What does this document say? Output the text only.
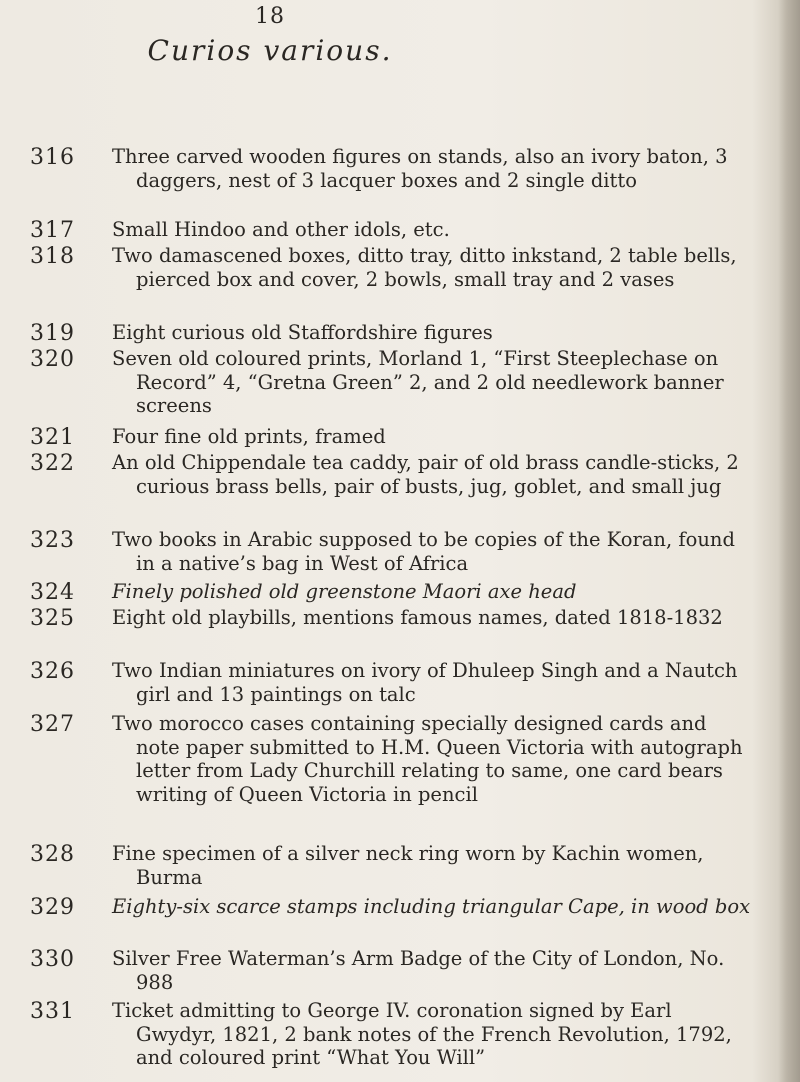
18
Curios various.
316	Three carved wooden figures on stands, also an ivory baton, 3 daggers, nest of 3 lacquer boxes and 2 single ditto
317	Small Hindoo and other idols, etc.
318	Two damascened boxes, ditto tray, ditto inkstand, 2 table bells, pierced box and cover, 2 bowls, small tray and 2 vases
319	Eight curious old Staffordshire figures
320	Seven old coloured prints, Morland 1, “First Steeplechase on Record” 4, “Gretna Green” 2, and 2 old needlework banner screens
321	Four fine old prints, framed
322	An old Chippendale tea caddy, pair of old brass candle-sticks, 2 curious brass bells, pair of busts, jug, goblet, and small jug
323	Two books in Arabic supposed to be copies of the Koran, found in a native’s bag in West of Africa
324	Finely polished old greenstone Maori axe head
325	Eight old playbills, mentions famous names, dated 1818-1832
326	Two Indian miniatures on ivory of Dhuleep Singh and a Nautch girl and 13 paintings on talc
327	Two morocco cases containing specially designed cards and note paper submitted to H.M. Queen Victoria with autograph letter from Lady Churchill relating to same, one card bears writing of Queen Victoria in pencil
328	Fine specimen of a silver neck ring worn by Kachin women, Burma
329	Eighty-six scarce stamps including triangular Cape, in wood box
330	Silver Free Waterman’s Arm Badge of the City of London, No. 988
331	Ticket admitting to George IV. coronation signed by Earl Gwydyr, 1821, 2 bank notes of the French Revolution, 1792, and coloured print “What You Will”
